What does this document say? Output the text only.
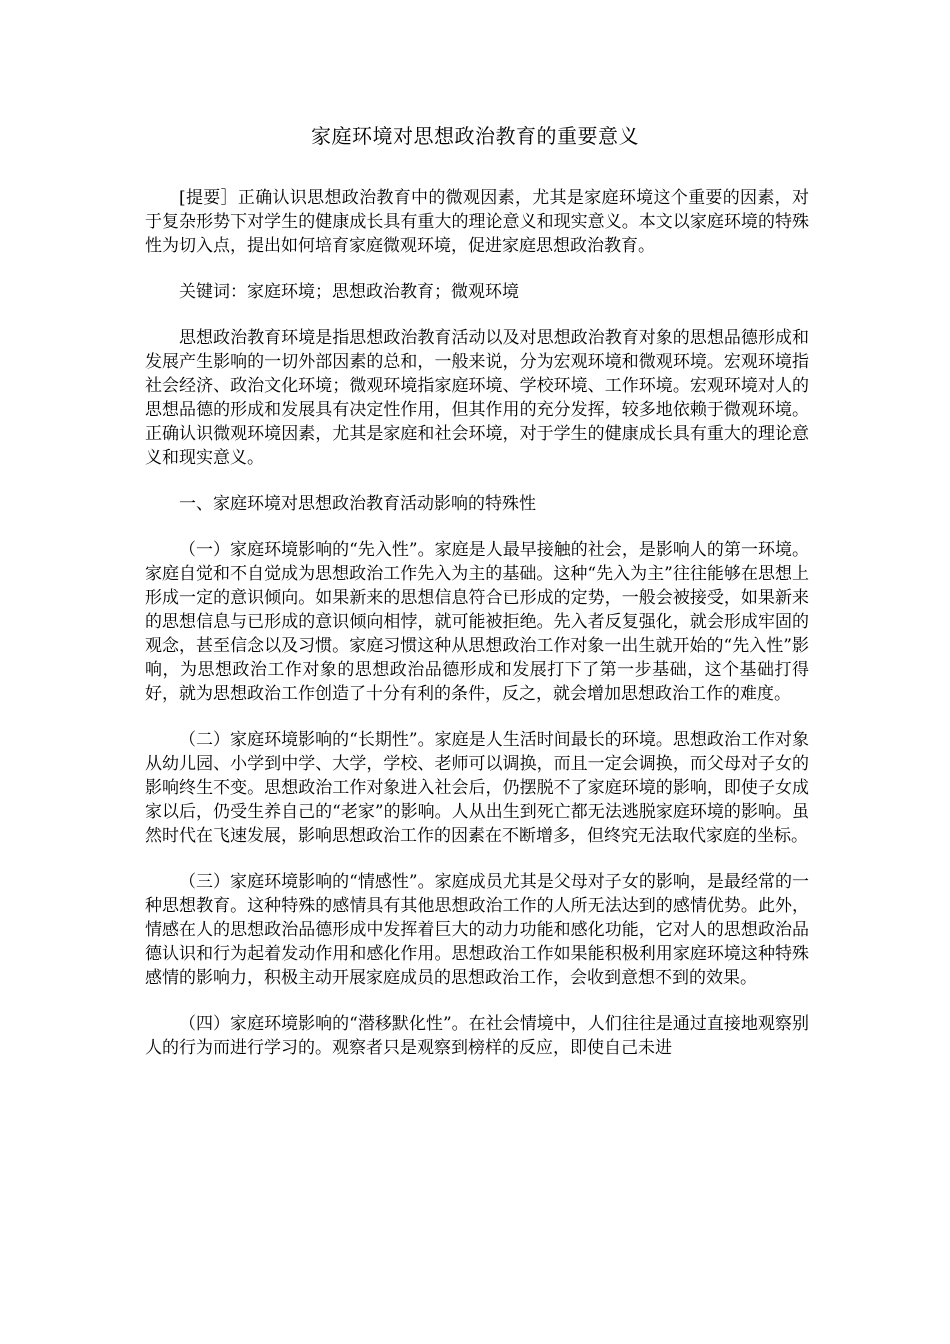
家庭环境对思想政治教育的重要意义

[提要］正确认识思想政治教育中的微观因素，尤其是家庭环境这个重要的因素，对于复杂形势下对学生的健康成长具有重大的理论意义和现实意义。本文以家庭环境的特殊性为切入点，提出如何培育家庭微观环境，促进家庭思想政治教育。

关键词：家庭环境；思想政治教育；微观环境

思想政治教育环境是指思想政治教育活动以及对思想政治教育对象的思想品德形成和发展产生影响的一切外部因素的总和，一般来说，分为宏观环境和微观环境。宏观环境指社会经济、政治文化环境；微观环境指家庭环境、学校环境、工作环境。宏观环境对人的思想品德的形成和发展具有决定性作用，但其作用的充分发挥，较多地依赖于微观环境。正确认识微观环境因素，尤其是家庭和社会环境，对于学生的健康成长具有重大的理论意义和现实意义。

一、家庭环境对思想政治教育活动影响的特殊性

（一）家庭环境影响的“先入性”。家庭是人最早接触的社会，是影响人的第一环境。家庭自觉和不自觉成为思想政治工作先入为主的基础。这种“先入为主”往往能够在思想上形成一定的意识倾向。如果新来的思想信息符合已形成的定势，一般会被接受，如果新来的思想信息与已形成的意识倾向相悖，就可能被拒绝。先入者反复强化，就会形成牢固的观念，甚至信念以及习惯。家庭习惯这种从思想政治工作对象一出生就开始的“先入性”影响，为思想政治工作对象的思想政治品德形成和发展打下了第一步基础，这个基础打得好，就为思想政治工作创造了十分有利的条件，反之，就会增加思想政治工作的难度。

（二）家庭环境影响的“长期性”。家庭是人生活时间最长的环境。思想政治工作对象从幼儿园、小学到中学、大学，学校、老师可以调换，而且一定会调换，而父母对子女的影响终生不变。思想政治工作对象进入社会后，仍摆脱不了家庭环境的影响，即使子女成家以后，仍受生养自己的“老家”的影响。人从出生到死亡都无法逃脱家庭环境的影响。虽然时代在飞速发展，影响思想政治工作的因素在不断增多，但终究无法取代家庭的坐标。

（三）家庭环境影响的“情感性”。家庭成员尤其是父母对子女的影响，是最经常的一种思想教育。这种特殊的感情具有其他思想政治工作的人所无法达到的感情优势。此外，情感在人的思想政治品德形成中发挥着巨大的动力功能和感化功能，它对人的思想政治品德认识和行为起着发动作用和感化作用。思想政治工作如果能积极利用家庭环境这种特殊感情的影响力，积极主动开展家庭成员的思想政治工作，会收到意想不到的效果。

（四）家庭环境影响的“潜移默化性”。在社会情境中，人们往往是通过直接地观察别人的行为而进行学习的。观察者只是观察到榜样的反应，即使自己未进
